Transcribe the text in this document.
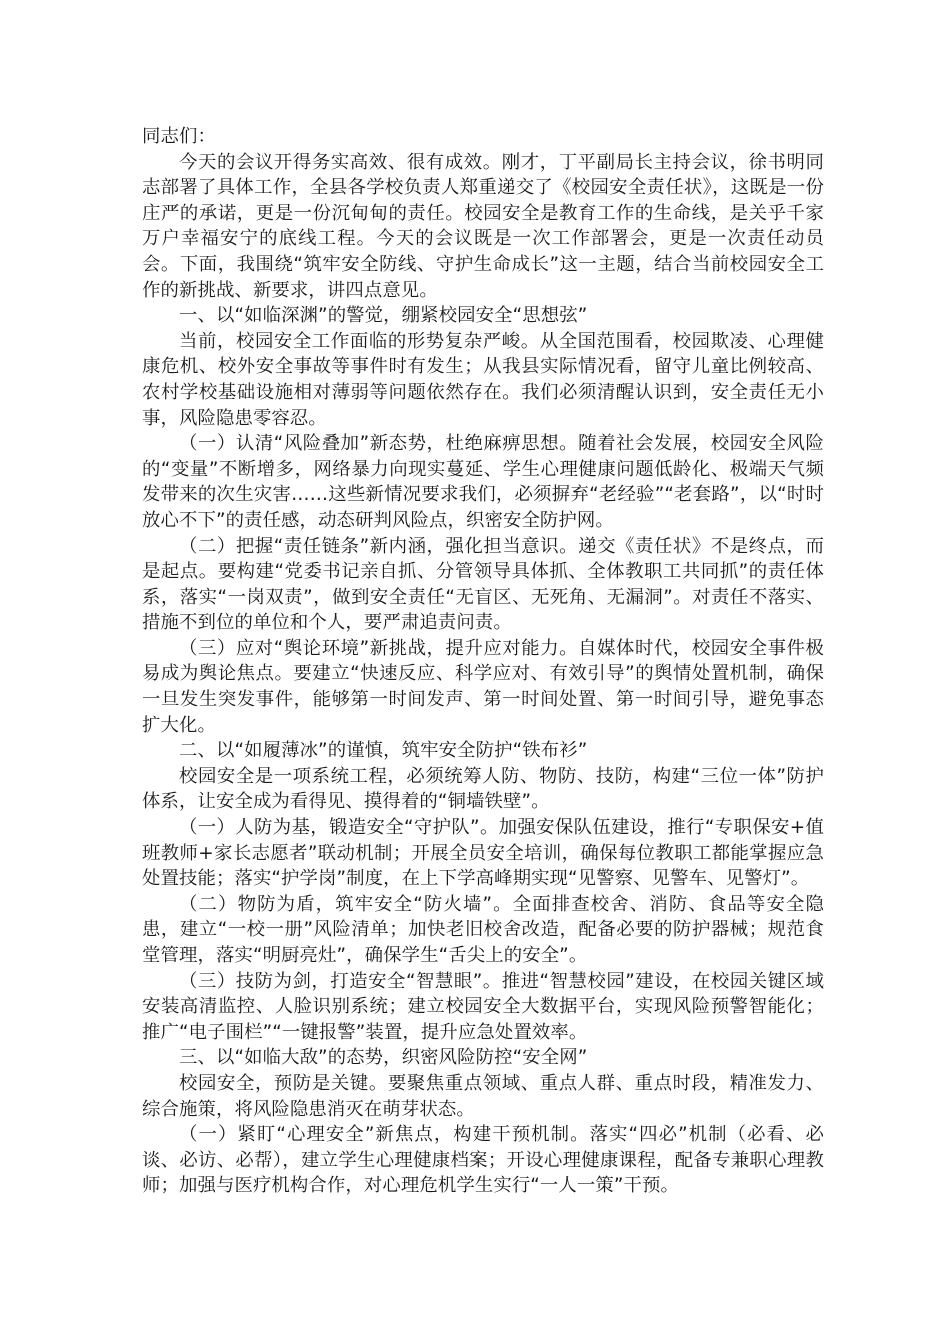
同志们：

今天的会议开得务实高效、很有成效。刚才，丁平副局长主持会议，徐书明同志部署了具体工作，全县各学校负责人郑重递交了《校园安全责任状》，这既是一份庄严的承诺，更是一份沉甸甸的责任。校园安全是教育工作的生命线，是关乎千家万户幸福安宁的底线工程。今天的会议既是一次工作部署会，更是一次责任动员会。下面，我围绕“筑牢安全防线、守护生命成长”这一主题，结合当前校园安全工作的新挑战、新要求，讲四点意见。

一、以“如临深渊”的警觉，绷紧校园安全“思想弦”

当前，校园安全工作面临的形势复杂严峻。从全国范围看，校园欺凌、心理健康危机、校外安全事故等事件时有发生；从我县实际情况看，留守儿童比例较高、农村学校基础设施相对薄弱等问题依然存在。我们必须清醒认识到，安全责任无小事，风险隐患零容忍。

（一）认清“风险叠加”新态势，杜绝麻痹思想。随着社会发展，校园安全风险的“变量”不断增多，网络暴力向现实蔓延、学生心理健康问题低龄化、极端天气频发带来的次生灾害……这些新情况要求我们，必须摒弃“老经验”“老套路”，以“时时放心不下”的责任感，动态研判风险点，织密安全防护网。

（二）把握“责任链条”新内涵，强化担当意识。递交《责任状》不是终点，而是起点。要构建“党委书记亲自抓、分管领导具体抓、全体教职工共同抓”的责任体系，落实“一岗双责”，做到安全责任“无盲区、无死角、无漏洞”。对责任不落实、措施不到位的单位和个人，要严肃追责问责。

（三）应对“舆论环境”新挑战，提升应对能力。自媒体时代，校园安全事件极易成为舆论焦点。要建立“快速反应、科学应对、有效引导”的舆情处置机制，确保一旦发生突发事件，能够第一时间发声、第一时间处置、第一时间引导，避免事态扩大化。

二、以“如履薄冰”的谨慎，筑牢安全防护“铁布衫”

校园安全是一项系统工程，必须统筹人防、物防、技防，构建“三位一体”防护体系，让安全成为看得见、摸得着的“铜墙铁壁”。

（一）人防为基，锻造安全“守护队”。加强安保队伍建设，推行“专职保安+值班教师+家长志愿者”联动机制；开展全员安全培训，确保每位教职工都能掌握应急处置技能；落实“护学岗”制度，在上下学高峰期实现“见警察、见警车、见警灯”。

（二）物防为盾，筑牢安全“防火墙”。全面排查校舍、消防、食品等安全隐患，建立“一校一册”风险清单；加快老旧校舍改造，配备必要的防护器械；规范食堂管理，落实“明厨亮灶”，确保学生“舌尖上的安全”。

（三）技防为剑，打造安全“智慧眼”。推进“智慧校园”建设，在校园关键区域安装高清监控、人脸识别系统；建立校园安全大数据平台，实现风险预警智能化；推广“电子围栏”“一键报警”装置，提升应急处置效率。

三、以“如临大敌”的态势，织密风险防控“安全网”

校园安全，预防是关键。要聚焦重点领域、重点人群、重点时段，精准发力、综合施策，将风险隐患消灭在萌芽状态。

（一）紧盯“心理安全”新焦点，构建干预机制。落实“四必”机制（必看、必谈、必访、必帮），建立学生心理健康档案；开设心理健康课程，配备专兼职心理教师；加强与医疗机构合作，对心理危机学生实行“一人一策”干预。
